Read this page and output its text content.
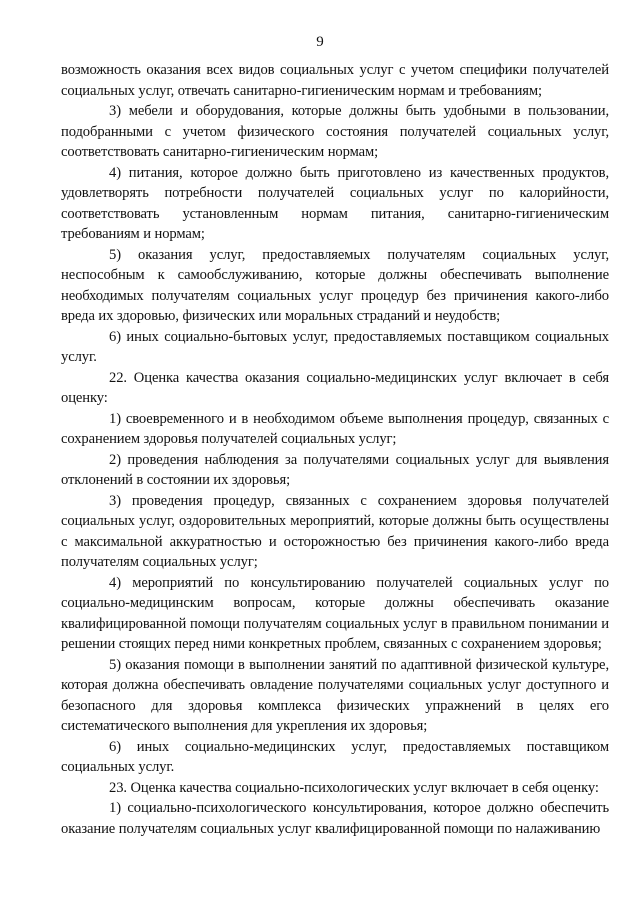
9

возможность оказания всех видов социальных услуг с учетом специфики получателей социальных услуг, отвечать санитарно-гигиеническим нормам и требованиям;

3) мебели и оборудования, которые должны быть удобными в пользовании, подобранными с учетом физического состояния получателей социальных услуг, соответствовать санитарно-гигиеническим нормам;

4) питания, которое должно быть приготовлено из качественных продуктов, удовлетворять потребности получателей социальных услуг по калорийности, соответствовать установленным нормам питания, санитарно-гигиеническим требованиям и нормам;

5) оказания услуг, предоставляемых получателям социальных услуг, неспособным к самообслуживанию, которые должны обеспечивать выполнение необходимых получателям социальных услуг процедур без причинения какого-либо вреда их здоровью, физических или моральных страданий и неудобств;

6) иных социально-бытовых услуг, предоставляемых поставщиком социальных услуг.

22. Оценка качества оказания социально-медицинских услуг включает в себя оценку:

1) своевременного и в необходимом объеме выполнения процедур, связанных с сохранением здоровья получателей социальных услуг;

2) проведения наблюдения за получателями социальных услуг для выявления отклонений в состоянии их здоровья;

3) проведения процедур, связанных с сохранением здоровья получателей социальных услуг, оздоровительных мероприятий, которые должны быть осуществлены с максимальной аккуратностью и осторожностью без причинения какого-либо вреда получателям социальных услуг;

4) мероприятий по консультированию получателей социальных услуг по социально-медицинским вопросам, которые должны обеспечивать оказание квалифицированной помощи получателям социальных услуг в правильном понимании и решении стоящих перед ними конкретных проблем, связанных с сохранением здоровья;

5) оказания помощи в выполнении занятий по адаптивной физической культуре, которая должна обеспечивать овладение получателями социальных услуг доступного и безопасного для здоровья комплекса физических упражнений в целях его систематического выполнения для укрепления их здоровья;

6) иных социально-медицинских услуг, предоставляемых поставщиком социальных услуг.

23. Оценка качества социально-психологических услуг включает в себя оценку:

1) социально-психологического консультирования, которое должно обеспечить оказание получателям социальных услуг квалифицированной помощи по налаживанию
